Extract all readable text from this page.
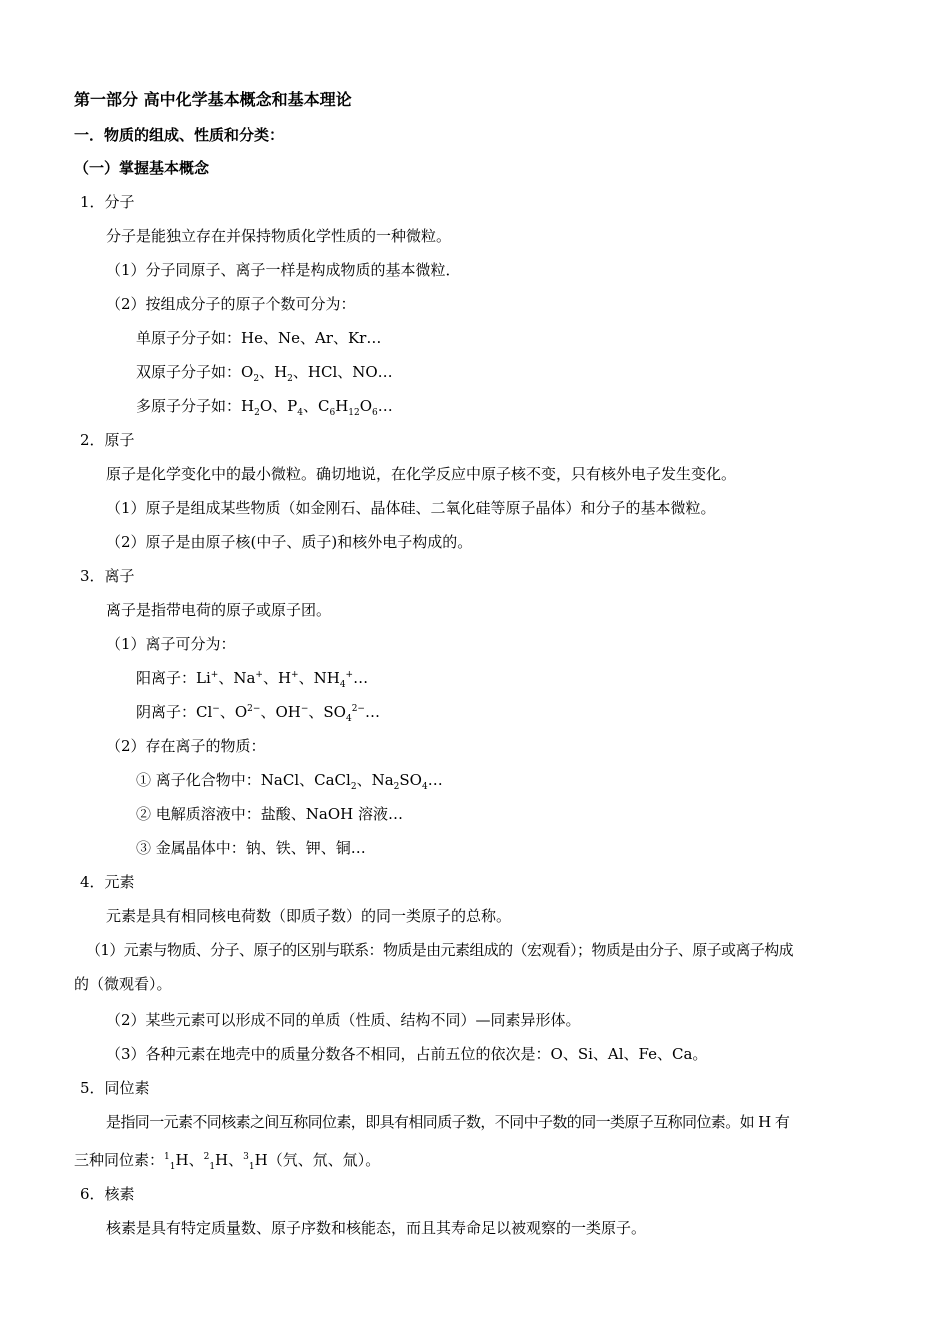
第一部分 高中化学基本概念和基本理论
一．物质的组成、性质和分类：
（一）掌握基本概念
1．分子
分子是能独立存在并保持物质化学性质的一种微粒。
（1）分子同原子、离子一样是构成物质的基本微粒．
（2）按组成分子的原子个数可分为：
单原子分子如：He、Ne、Ar、Kr…
双原子分子如：$O_2$、$H_2$、HCl、NO…
多原子分子如：$H_2O$、$P_4$、$C_6H_{12}O_6\dots$
2．原子
原子是化学变化中的最小微粒。确切地说，在化学反应中原子核不变，只有核外电子发生变化。
（1）原子是组成某些物质（如金刚石、晶体硅、二氧化硅等原子晶体）和分子的基本微粒。
（2）原子是由原子核(中子、质子)和核外电子构成的。
3．离子
离子是指带电荷的原子或原子团。
（1）离子可分为：
阳离子：Li+、Na+、H+、$NH_4^+\dots$
阴离子：Cl−、$O^{2-}$、OH−、$SO_4^{2-}\dots$
（2）存在离子的物质：
① 离子化合物中：NaCl、CaCl$_2$、$Na_2SO_4\dots$
② 电解质溶液中：盐酸、NaOH 溶液…
③ 金属晶体中：钠、铁、钾、铜…
4．元素
元素是具有相同核电荷数（即质子数）的同一类原子的总称。
（1）元素与物质、分子、原子的区别与联系：物质是由元素组成的（宏观看）；物质是由分子、原子或离子构成
的（微观看）。
（2）某些元素可以形成不同的单质（性质、结构不同）—同素异形体。
（3）各种元素在地壳中的质量分数各不相同，占前五位的依次是：O、Si、Al、Fe、Ca。
5．同位素
是指同一元素不同核素之间互称同位素，即具有相同质子数，不同中子数的同一类原子互称同位素。如 H 有
三种同位素：$^1_1$H、$^2_1$H、$^3_1$H（氕、氘、氚）。
6．核素
核素是具有特定质量数、原子序数和核能态，而且其寿命足以被观察的一类原子。
